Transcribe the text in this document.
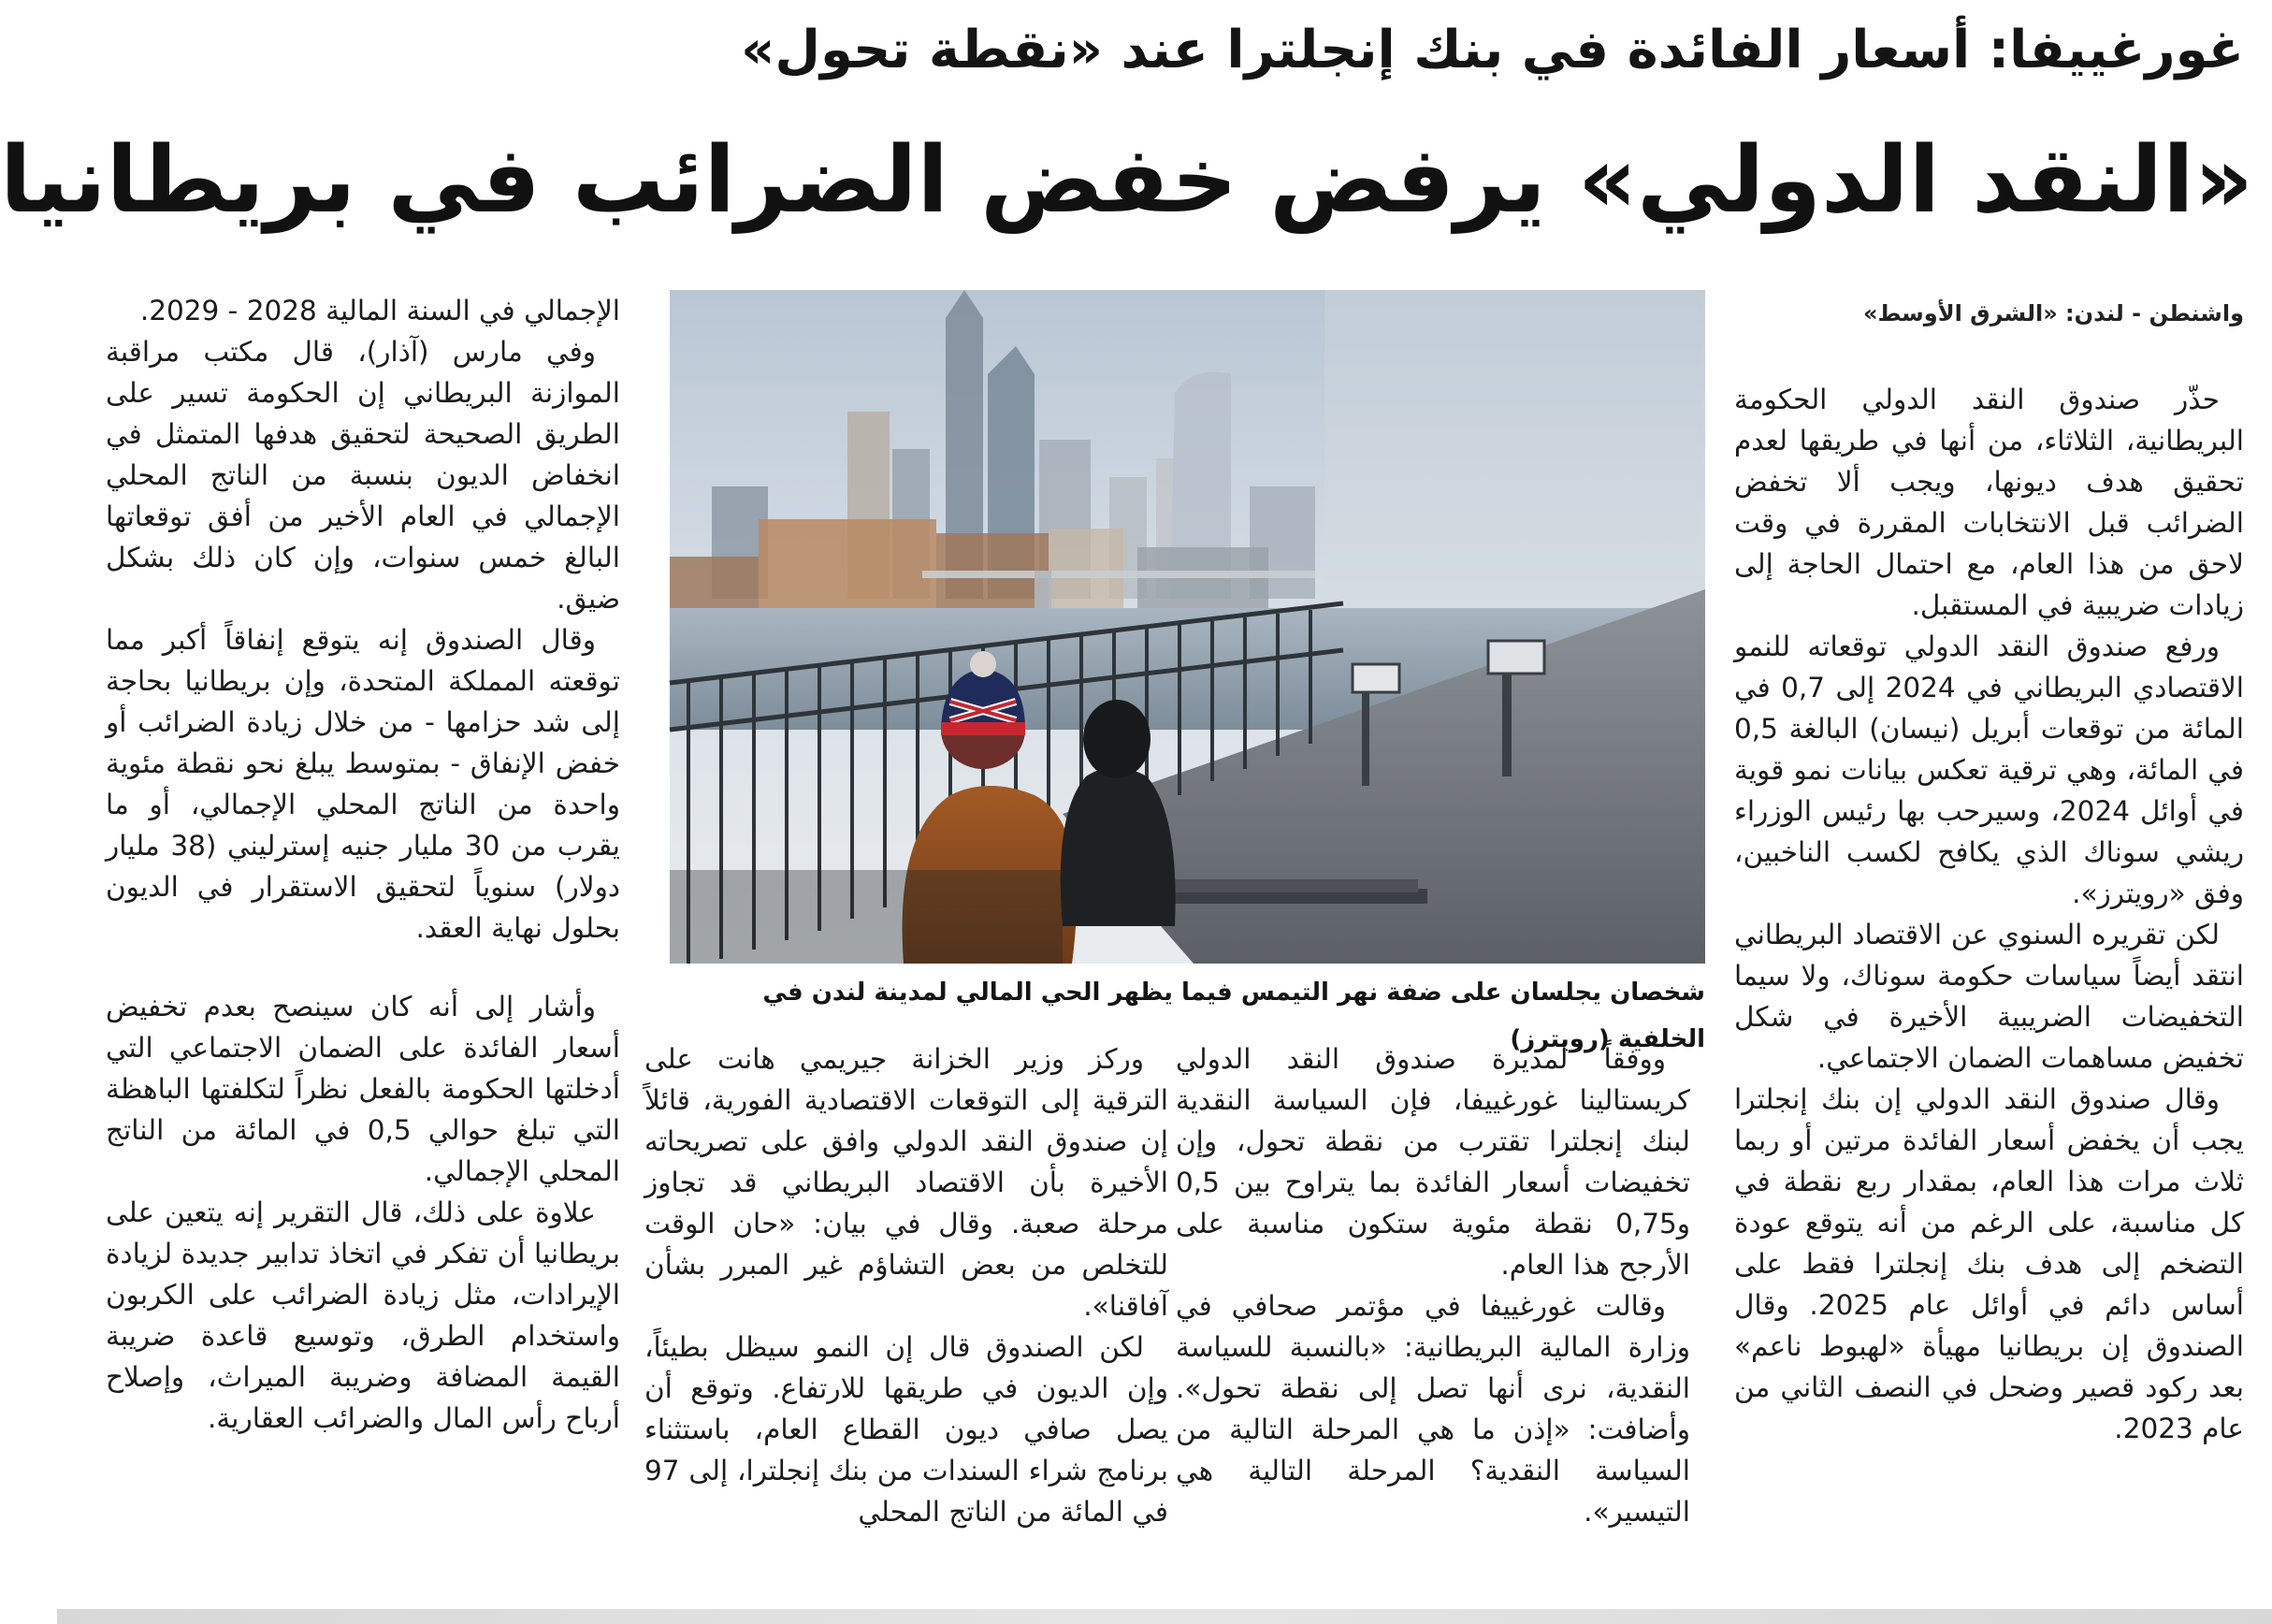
غورغييفا: أسعار الفائدة في بنك إنجلترا عند «نقطة تحول»
«النقد الدولي» يرفض خفض الضرائب في بريطانيا
واشنطن - لندن: «الشرق الأوسط»

حذّر صندوق النقد الدولي الحكومة البريطانية، الثلاثاء، من أنها في طريقها لعدم تحقيق هدف ديونها، ويجب ألا تخفض الضرائب قبل الانتخابات المقررة في وقت لاحق من هذا العام، مع احتمال الحاجة إلى زيادات ضريبية في المستقبل.

ورفع صندوق النقد الدولي توقعاته للنمو الاقتصادي البريطاني في 2024 إلى 0,7 في المائة من توقعات أبريل (نيسان) البالغة 0,5 في المائة، وهي ترقية تعكس بيانات نمو قوية في أوائل 2024، وسيرحب بها رئيس الوزراء ريشي سوناك الذي يكافح لكسب الناخبين، وفق «رويترز».

لكن تقريره السنوي عن الاقتصاد البريطاني انتقد أيضاً سياسات حكومة سوناك، ولا سيما التخفيضات الضريبية الأخيرة في شكل تخفيض مساهمات الضمان الاجتماعي.

وقال صندوق النقد الدولي إن بنك إنجلترا يجب أن يخفض أسعار الفائدة مرتين أو ربما ثلاث مرات هذا العام، بمقدار ربع نقطة في كل مناسبة، على الرغم من أنه يتوقع عودة التضخم إلى هدف بنك إنجلترا فقط على أساس دائم في أوائل عام 2025. وقال الصندوق إن بريطانيا مهيأة «لهبوط ناعم» بعد ركود قصير وضحل في النصف الثاني من عام 2023.

ووفقاً لمديرة صندوق النقد الدولي كريستالينا غورغييفا، فإن السياسة النقدية لبنك إنجلترا تقترب من نقطة تحول، وإن تخفيضات أسعار الفائدة بما يتراوح بين 0,5 و0,75 نقطة مئوية ستكون مناسبة على الأرجح هذا العام.

وقالت غورغييفا في مؤتمر صحافي في وزارة المالية البريطانية: «بالنسبة للسياسة النقدية، نرى أنها تصل إلى نقطة تحول». وأضافت: «إذن ما هي المرحلة التالية من السياسة النقدية؟ المرحلة التالية هي التيسير».

وركز وزير الخزانة جيريمي هانت على الترقية إلى التوقعات الاقتصادية الفورية، قائلاً إن صندوق النقد الدولي وافق على تصريحاته الأخيرة بأن الاقتصاد البريطاني قد تجاوز مرحلة صعبة. وقال في بيان: «حان الوقت للتخلص من بعض التشاؤم غير المبرر بشأن آفاقنا».

لكن الصندوق قال إن النمو سيظل بطيئاً، وإن الديون في طريقها للارتفاع. وتوقع أن يصل صافي ديون القطاع العام، باستثناء برنامج شراء السندات من بنك إنجلترا، إلى 97 في المائة من الناتج المحلي

الإجمالي في السنة المالية 2028 - 2029.

وفي مارس (آذار)، قال مكتب مراقبة الموازنة البريطاني إن الحكومة تسير على الطريق الصحيحة لتحقيق هدفها المتمثل في انخفاض الديون بنسبة من الناتج المحلي الإجمالي في العام الأخير من أفق توقعاتها البالغ خمس سنوات، وإن كان ذلك بشكل ضيق.

وقال الصندوق إنه يتوقع إنفاقاً أكبر مما توقعته المملكة المتحدة، وإن بريطانيا بحاجة إلى شد حزامها - من خلال زيادة الضرائب أو خفض الإنفاق - بمتوسط يبلغ نحو نقطة مئوية واحدة من الناتج المحلي الإجمالي، أو ما يقرب من 30 مليار جنيه إسترليني (38 مليار دولار) سنوياً لتحقيق الاستقرار في الديون بحلول نهاية العقد.

وأشار إلى أنه كان سينصح بعدم تخفيض أسعار الفائدة على الضمان الاجتماعي التي أدخلتها الحكومة بالفعل نظراً لتكلفتها الباهظة التي تبلغ حوالي 0,5 في المائة من الناتج المحلي الإجمالي.

علاوة على ذلك، قال التقرير إنه يتعين على بريطانيا أن تفكر في اتخاذ تدابير جديدة لزيادة الإيرادات، مثل زيادة الضرائب على الكربون واستخدام الطرق، وتوسيع قاعدة ضريبة القيمة المضافة وضريبة الميراث، وإصلاح أرباح رأس المال والضرائب العقارية.

شخصان يجلسان على ضفة نهر التيمس فيما يظهر الحي المالي لمدينة لندن في الخلفية (رويترز)
